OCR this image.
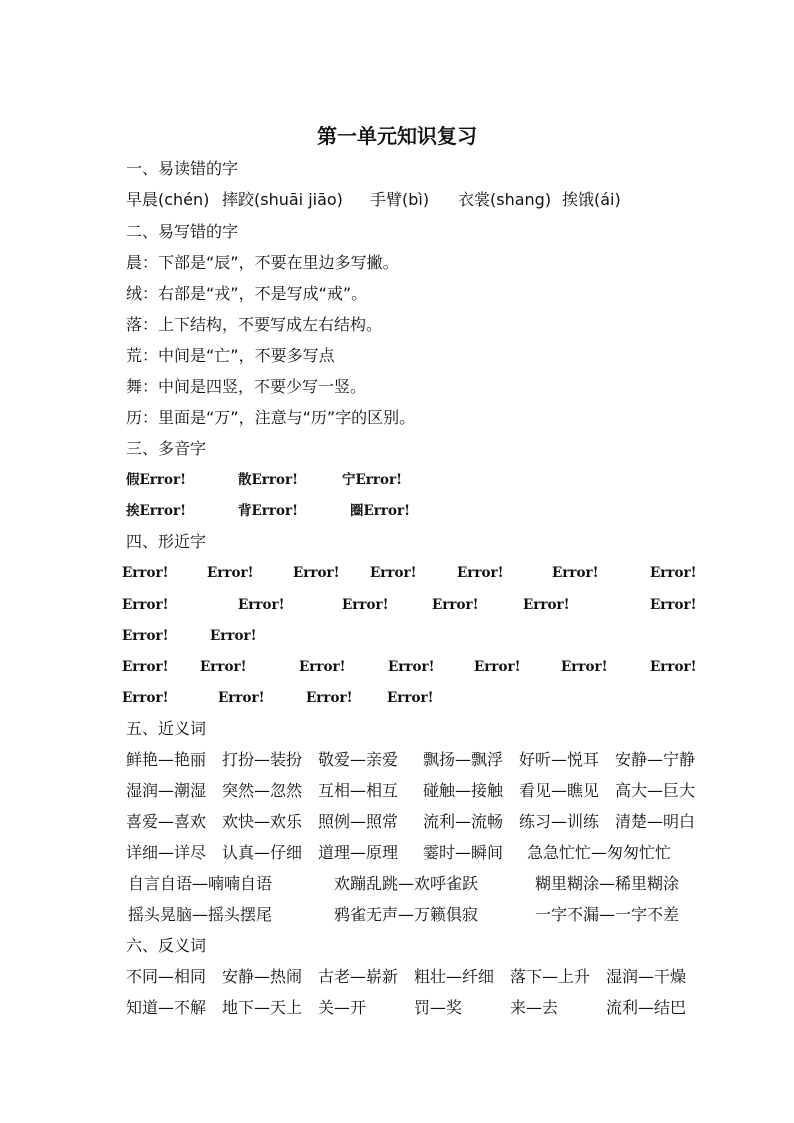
第一单元知识复习
一、易读错的字
早晨(chén) 摔跤(shuāi jiāo) 手臂(bì) 衣裳(shang) 挨饿(ái)
二、易写错的字
晨：下部是“辰”，不要在里边多写撇。
绒：右部是“戎”，不是写成“戒”。
落：上下结构，不要写成左右结构。
荒：中间是“亡”，不要多写点
舞：中间是四竖，不要少写一竖。
历：里面是“万”，注意与“历”字的区别。
三、多音字
假Error!	散Error!	宁Error!
挨Error!	背Error!	圈Error!
四、形近字
Error!	Error!	Error! Error!	Error!	Error!	Error!
Error!	Error!	Error!	Error!	Error!	Error!
Error!	Error!
Error! Error!	Error!	Error!	Error!	Error!	Error!
Error!	Error!	Error!	Error!
五、近义词
鲜艳—艳丽 打扮—装扮 敬爱—亲爱 飘扬—飘浮 好听—悦耳 安静—宁静
湿润—潮湿 突然—忽然 互相—相互 碰触—接触 看见—瞧见 高大—巨大
喜爱—喜欢 欢快—欢乐 照例—照常 流利—流畅 练习—训练 清楚—明白
详细—详尽 认真—仔细 道理—原理 霎时—瞬间 急急忙忙—匆匆忙忙
自言自语—喃喃自语	欢蹦乱跳—欢呼雀跃	糊里糊涂—稀里糊涂
摇头晃脑—摇头摆尾	鸦雀无声—万籁俱寂	一字不漏—一字不差
六、反义词
不同—相同 安静—热闹 古老—崭新 粗壮—纤细 落下—上升 湿润—干燥
知道—不解 地下—天上 关—开	罚—奖	来—去	流利—结巴
